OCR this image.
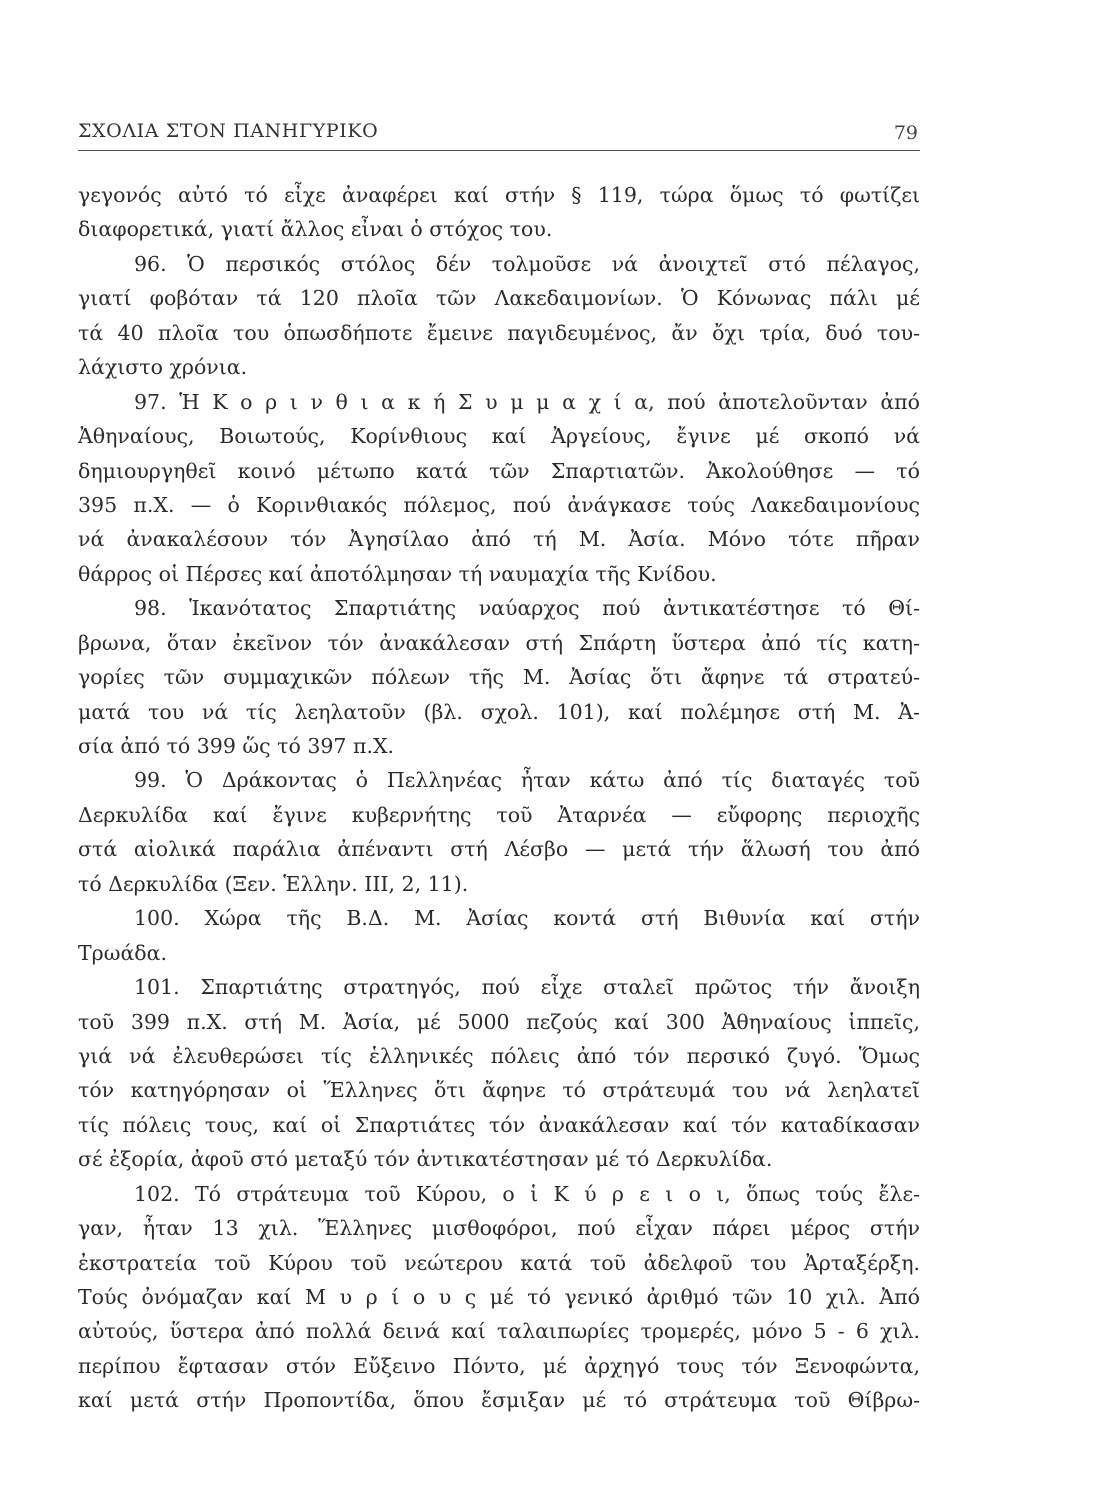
ΣΧΟΛΙΑ ΣΤΟΝ ΠΑΝΗΓΥΡΙΚΟ	79
γεγονός αὐτό τό εἶχε ἀναφέρει καί στήν § 119, τώρα ὅμως τό φωτίζει
διαφορετικά, γιατί ἄλλος εἶναι ὁ στόχος του.
96. Ὁ περσικός στόλος δέν τολμοῦσε νά ἀνοιχτεῖ στό πέλαγος,
γιατί φοβόταν τά 120 πλοῖα τῶν Λακεδαιμονίων. Ὁ Κόνωνας πάλι μέ
τά 40 πλοῖα του ὁπωσδήποτε ἔμεινε παγιδευμένος, ἄν ὄχι τρία, δυό του-
λάχιστο χρόνια.
97. Ἡ Κ ο ρ ι ν θ ι α κ ή Σ υ μ μ α χ ί α, πού ἀποτελοῦνταν ἀπό
Ἀθηναίους, Βοιωτούς, Κορίνθιους καί Ἀργείους, ἔγινε μέ σκοπό νά
δημιουργηθεῖ κοινό μέτωπο κατά τῶν Σπαρτιατῶν. Ἀκολούθησε — τό
395 π.Χ. — ὁ Κορινθιακός πόλεμος, πού ἀνάγκασε τούς Λακεδαιμονίους
νά ἀνακαλέσουν τόν Ἀγησίλαο ἀπό τή Μ. Ἀσία. Μόνο τότε πῆραν
θάρρος οἱ Πέρσες καί ἀποτόλμησαν τή ναυμαχία τῆς Κνίδου.
98. Ἱκανότατος Σπαρτιάτης ναύαρχος πού ἀντικατέστησε τό Θί-
βρωνα, ὅταν ἐκεῖνον τόν ἀνακάλεσαν στή Σπάρτη ὕστερα ἀπό τίς κατη-
γορίες τῶν συμμαχικῶν πόλεων τῆς Μ. Ἀσίας ὅτι ἄφηνε τά στρατεύ-
ματά του νά τίς λεηλατοῦν (βλ. σχολ. 101), καί πολέμησε στή Μ. Ἀ-
σία ἀπό τό 399 ὥς τό 397 π.Χ.
99. Ὁ Δράκοντας ὁ Πελληνέας ἦταν κάτω ἀπό τίς διαταγές τοῦ
Δερκυλίδα καί ἔγινε κυβερνήτης τοῦ Ἀταρνέα — εὔφορης περιοχῆς
στά αἰολικά παράλια ἀπέναντι στή Λέσβο — μετά τήν ἅλωσή του ἀπό
τό Δερκυλίδα (Ξεν. Ἑλλην. III, 2, 11).
100. Χώρα τῆς Β.Δ. Μ. Ἀσίας κοντά στή Βιθυνία καί στήν
Τρωάδα.
101. Σπαρτιάτης στρατηγός, πού εἶχε σταλεῖ πρῶτος τήν ἄνοιξη
τοῦ 399 π.Χ. στή Μ. Ἀσία, μέ 5000 πεζούς καί 300 Ἀθηναίους ἱππεῖς,
γιά νά ἐλευθερώσει τίς ἑλληνικές πόλεις ἀπό τόν περσικό ζυγό. Ὅμως
τόν κατηγόρησαν οἱ Ἕλληνες ὅτι ἄφηνε τό στράτευμά του νά λεηλατεῖ
τίς πόλεις τους, καί οἱ Σπαρτιάτες τόν ἀνακάλεσαν καί τόν καταδίκασαν
σέ ἐξορία, ἀφοῦ στό μεταξύ τόν ἀντικατέστησαν μέ τό Δερκυλίδα.
102. Τό στράτευμα τοῦ Κύρου, ο ἱ Κ ύ ρ ε ι ο ι, ὅπως τούς ἔλε-
γαν, ἦταν 13 χιλ. Ἕλληνες μισθοφόροι, πού εἶχαν πάρει μέρος στήν
ἐκστρατεία τοῦ Κύρου τοῦ νεώτερου κατά τοῦ ἀδελφοῦ του Ἀρταξέρξη.
Τούς ὀνόμαζαν καί Μ υ ρ ί ο υ ς μέ τό γενικό ἀριθμό τῶν 10 χιλ. Ἀπό
αὐτούς, ὕστερα ἀπό πολλά δεινά καί ταλαιπωρίες τρομερές, μόνο 5 - 6 χιλ.
περίπου ἔφτασαν στόν Εὔξεινο Πόντο, μέ ἀρχηγό τους τόν Ξενοφώντα,
καί μετά στήν Προποντίδα, ὅπου ἔσμιξαν μέ τό στράτευμα τοῦ Θίβρω-
